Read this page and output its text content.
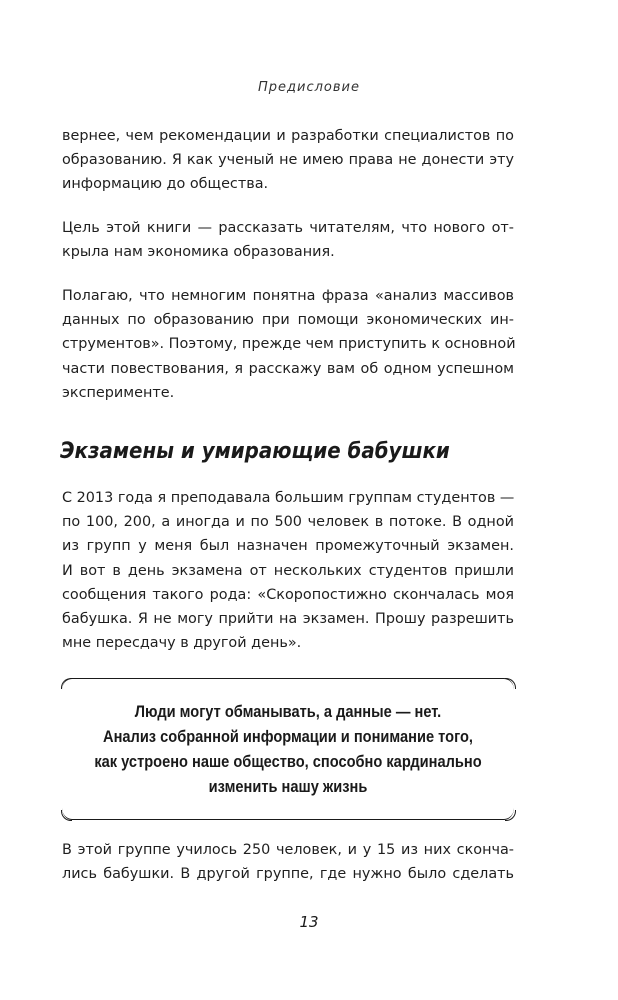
Предисловие

вернее, чем рекомендации и разработки специалистов по
образованию. Я как ученый не имею права не донести эту
информацию до общества.

Цель этой книги — рассказать читателям, что нового от-
крыла нам экономика образования.

Полагаю, что немногим понятна фраза «анализ массивов
данных по образованию при помощи экономических ин-
струментов». Поэтому, прежде чем приступить к основной
части повествования, я расскажу вам об одном успешном
эксперименте.

Экзамены и умирающие бабушки

С 2013 года я преподавала большим группам студентов —
по 100, 200, а иногда и по 500 человек в потоке. В одной
из групп у меня был назначен промежуточный экзамен.
И вот в день экзамена от нескольких студентов пришли
сообщения такого рода: «Скоропостижно скончалась моя
бабушка. Я не могу прийти на экзамен. Прошу разрешить
мне пересдачу в другой день».

Люди могут обманывать, а данные — нет.
Анализ собранной информации и понимание того,
как устроено наше общество, способно кардинально
изменить нашу жизнь

В этой группе училось 250 человек, и у 15 из них сконча-
лись бабушки. В другой группе, где нужно было сделать

13
